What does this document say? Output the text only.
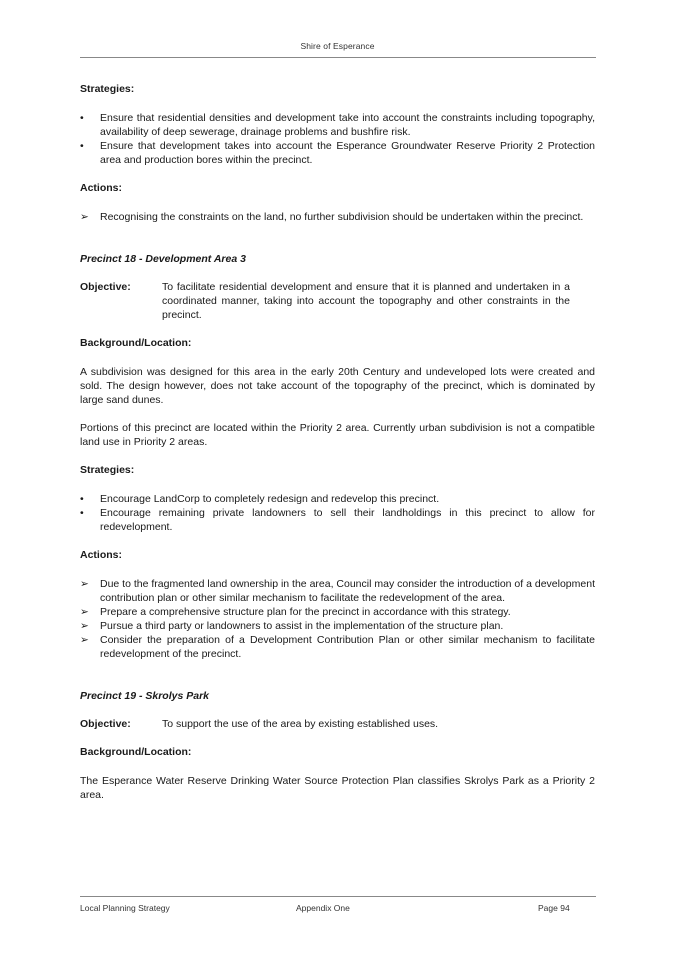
Shire of Esperance
Strategies:
•	Ensure that residential densities and development take into account the constraints including topography, availability of deep sewerage, drainage problems and bushfire risk.
•	Ensure that development takes into account the Esperance Groundwater Reserve Priority 2 Protection area and production bores within the precinct.
Actions:
➢	Recognising the constraints on the land, no further subdivision should be undertaken within the precinct.
Precinct 18 - Development Area 3
Objective:	To facilitate residential development and ensure that it is planned and undertaken in a coordinated manner, taking into account the topography and other constraints in the precinct.
Background/Location:

A subdivision was designed for this area in the early 20th Century and undeveloped lots were created and sold. The design however, does not take account of the topography of the precinct, which is dominated by large sand dunes.

Portions of this precinct are located within the Priority 2 area. Currently urban subdivision is not a compatible land use in Priority 2 areas.

Strategies:
•	Encourage LandCorp to completely redesign and redevelop this precinct.
•	Encourage remaining private landowners to sell their landholdings in this precinct to allow for redevelopment.
Actions:
➢	Due to the fragmented land ownership in the area, Council may consider the introduction of a development contribution plan or other similar mechanism to facilitate the redevelopment of the area.
➢	Prepare a comprehensive structure plan for the precinct in accordance with this strategy.
➢	Pursue a third party or landowners to assist in the implementation of the structure plan.
➢	Consider the preparation of a Development Contribution Plan or other similar mechanism to facilitate redevelopment of the precinct.
Precinct 19 - Skrolys Park
Objective:	To support the use of the area by existing established uses.
Background/Location:

The Esperance Water Reserve Drinking Water Source Protection Plan classifies Skrolys Park as a Priority 2 area.

Local Planning Strategy	Appendix One	Page 94
